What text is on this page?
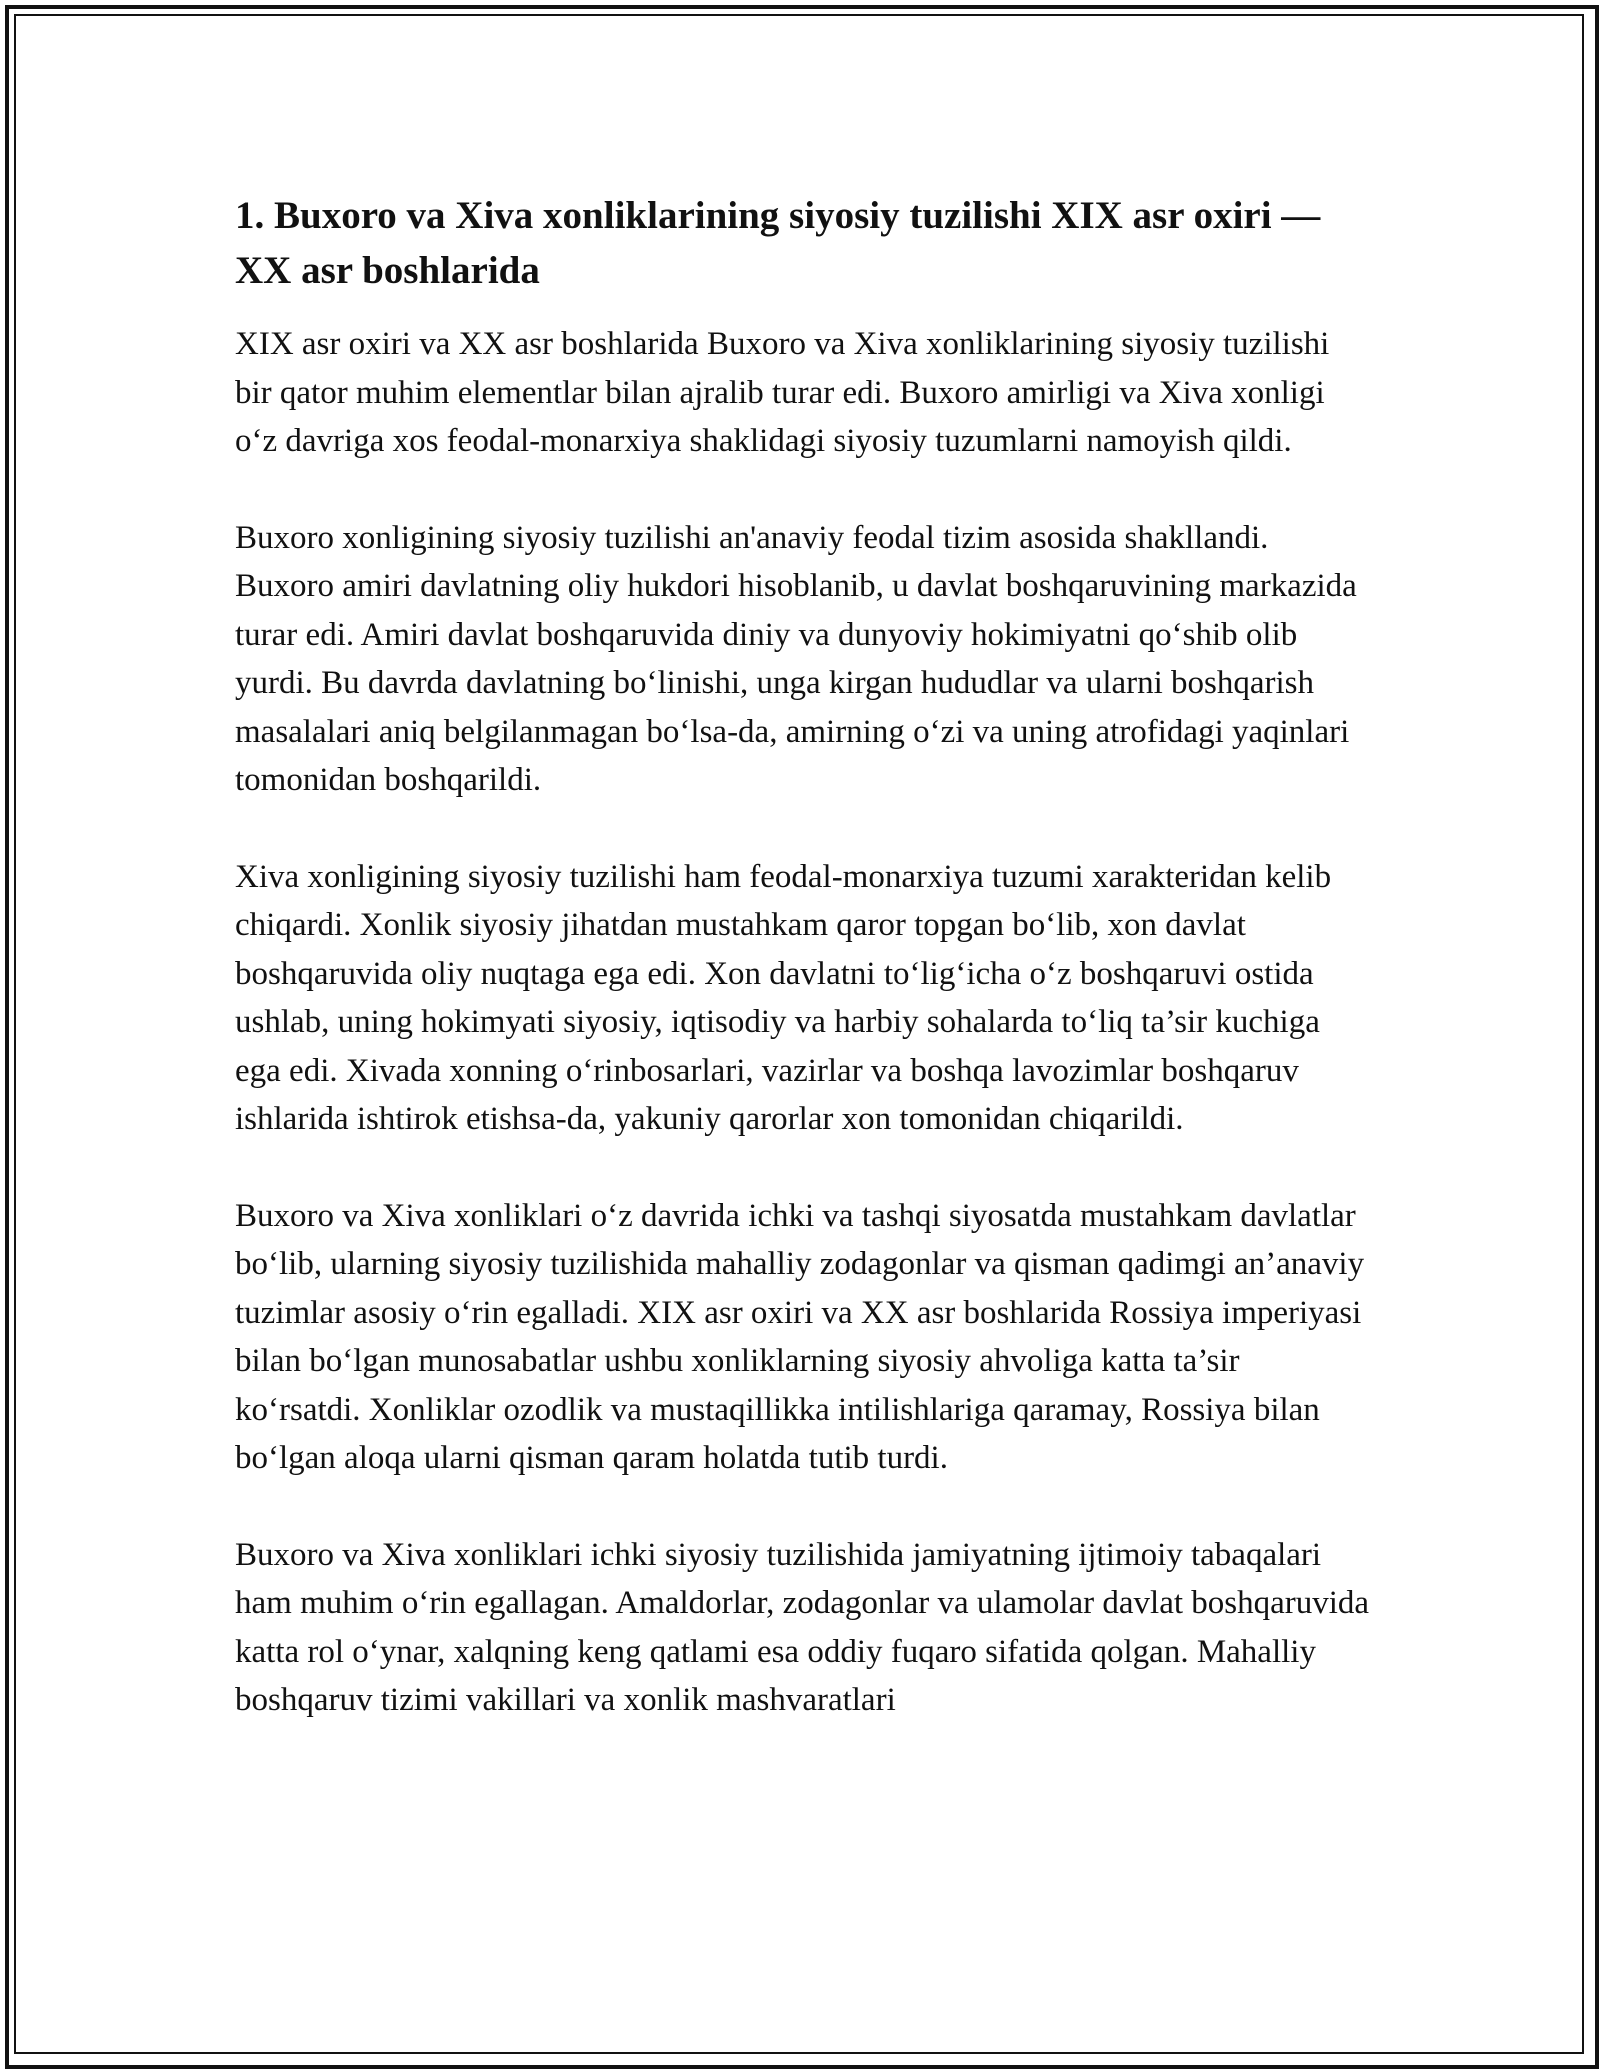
1. Buxoro va Xiva xonliklarining siyosiy tuzilishi XIX asr oxiri —XX asr boshlarida

XIX asr oxiri va XX asr boshlarida Buxoro va Xiva xonliklarining siyosiy tuzilishi bir qator muhim elementlar bilan ajralib turar edi. Buxoro amirligi va Xiva xonligi o‘z davriga xos feodal-monarxiya shaklidagi siyosiy tuzumlarni namoyish qildi.

Buxoro xonligining siyosiy tuzilishi an'anaviy feodal tizim asosida shakllandi. Buxoro amiri davlatning oliy hukdori hisoblanib, u davlat boshqaruvining markazida turar edi. Amiri davlat boshqaruvida diniy va dunyoviy hokimiyatni qo‘shib olib yurdi. Bu davrda davlatning bo‘linishi, unga kirgan hududlar va ularni boshqarish masalalari aniq belgilanmagan bo‘lsa-da, amirning o‘zi va uning atrofidagi yaqinlari tomonidan boshqarildi.

Xiva xonligining siyosiy tuzilishi ham feodal-monarxiya tuzumi xarakteridan kelib chiqardi. Xonlik siyosiy jihatdan mustahkam qaror topgan bo‘lib, xon davlat boshqaruvida oliy nuqtaga ega edi. Xon davlatni to‘lig‘icha o‘z boshqaruvi ostida ushlab, uning hokimyati siyosiy, iqtisodiy va harbiy sohalarda to‘liq ta’sir kuchiga ega edi. Xivada xonning o‘rinbosarlari, vazirlar va boshqa lavozimlar boshqaruv ishlarida ishtirok etishsa-da, yakuniy qarorlar xon tomonidan chiqarildi.

Buxoro va Xiva xonliklari o‘z davrida ichki va tashqi siyosatda mustahkam davlatlar bo‘lib, ularning siyosiy tuzilishida mahalliy zodagonlar va qisman qadimgi an’anaviy tuzimlar asosiy o‘rin egalladi. XIX asr oxiri va XX asr boshlarida Rossiya imperiyasi bilan bo‘lgan munosabatlar ushbu xonliklarning siyosiy ahvoliga katta ta’sir ko‘rsatdi. Xonliklar ozodlik va mustaqillikka intilishlariga qaramay, Rossiya bilan bo‘lgan aloqa ularni qisman qaram holatda tutib turdi.

Buxoro va Xiva xonliklari ichki siyosiy tuzilishida jamiyatning ijtimoiy tabaqalari ham muhim o‘rin egallagan. Amaldorlar, zodagonlar va ulamolar davlat boshqaruvida katta rol o‘ynar, xalqning keng qatlami esa oddiy fuqaro sifatida qolgan. Mahalliy boshqaruv tizimi vakillari va xonlik mashvaratlari
